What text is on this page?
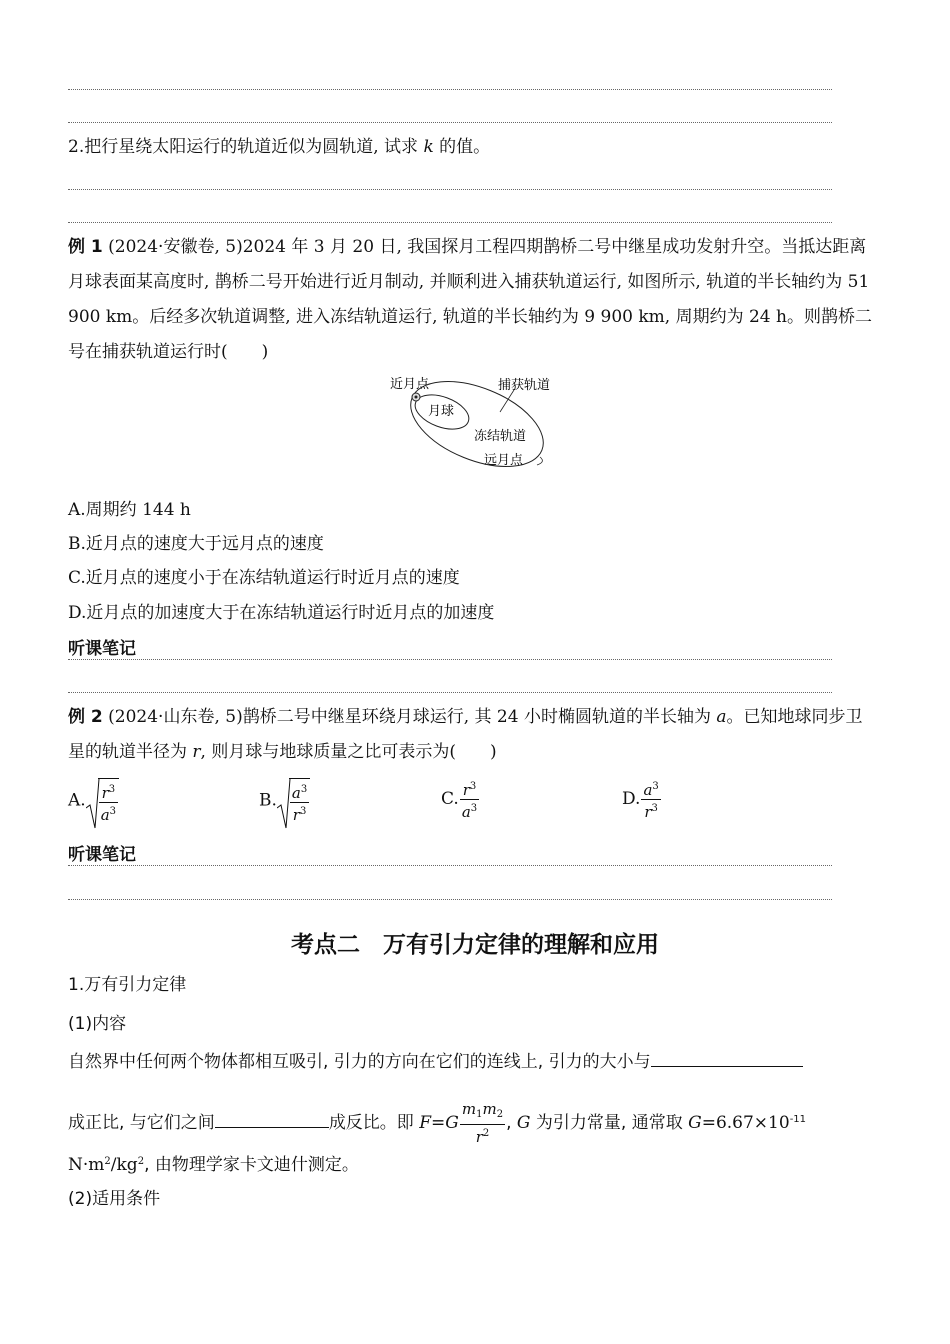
2.把行星绕太阳运行的轨道近似为圆轨道, 试求 k 的值。
例 1 (2024·安徽卷, 5)2024 年 3 月 20 日, 我国探月工程四期鹊桥二号中继星成功发射升空。当抵达距离月球表面某高度时, 鹊桥二号开始进行近月制动, 并顺利进入捕获轨道运行, 如图所示, 轨道的半长轴约为 51 900 km。后经多次轨道调整, 进入冻结轨道运行, 轨道的半长轴约为 9 900 km, 周期约为 24 h。则鹊桥二号在捕获轨道运行时(　　)
近月点
月球
捕获轨道
冻结轨道
远月点
A.周期约 144 h
B.近月点的速度大于远月点的速度
C.近月点的速度小于在冻结轨道运行时近月点的速度
D.近月点的加速度大于在冻结轨道运行时近月点的加速度
听课笔记
例 2 (2024·山东卷, 5)鹊桥二号中继星环绕月球运行, 其 24 小时椭圆轨道的半长轴为 a。已知地球同步卫星的轨道半径为 r, 则月球与地球质量之比可表示为(　　)
A. $\frac{r^3}{a^3}$	B. $\frac{a^3}{r^3}$	C. $\frac{r^3}{a^3}$	D. $\frac{a^3}{r^3}$
听课笔记
考点二　万有引力定律的理解和应用
1.万有引力定律
(1)内容
自然界中任何两个物体都相互吸引, 引力的方向在它们的连线上, 引力的大小与
成正比, 与它们之间	成反比。即 $F=G \frac{m_1m_2}{r^2}$ , G 为引力常量, 通常取 $G=6.67\times 10^{-11}$
$N\cdot m^2/kg^2$, 由物理学家卡文迪什测定。
(2)适用条件
